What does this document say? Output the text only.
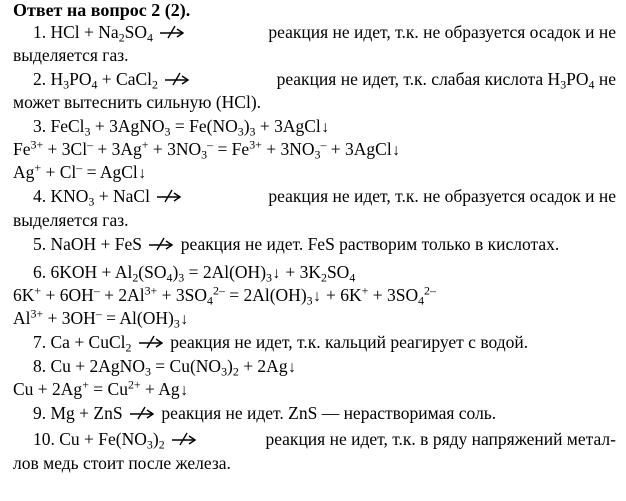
Ответ на вопрос 2 (2).
1. HCl + $Na_2SO_4$	реакция не идет, т.к. не образуется осадок и не
выделяется газ.
2. $H_3PO_4$ + CaCl$_2$	реакция не идет, т.к. слабая кислота $H_3PO_4$ не
может вытеснить сильную (HCl).
3. FeCl$_3$ + 3AgNO$_3$ = $Fe(NO_3)_3$ + 3AgCl↓
$Fe^{3+} + 3Cl^- + 3Ag^+ + 3NO_3^- = Fe^{3+} + 3NO_3^-$ + 3AgCl↓
Ag+ + Cl– = AgCl↓
4. $KNO_3$ + NaCl	реакция не идет, т.к. не образуется осадок и не
выделяется газ.
5. NaOH + FeS реакция не идет. FeS растворим только в кислотах.
6. $6KOH + Al_2(SO_4)_3$ = $2Al(OH)_3↓ + 3K_2SO_4$
$6K^+ + 6OH^- + 2Al^{3+} + 3SO_4^{2-}$ = $2Al(OH)_3↓ + 6K^+ + 3SO_4^{2-}$
$Al^{3+} + 3OH^-$ = $Al(OH)_3↓$
7. Ca + CuCl$_2$ реакция не идет, т.к. кальций реагирует с водой.
8. Cu + 2AgNO$_3$ = $Cu(NO_3)_2$ + 2Ag↓
$Cu + 2Ag^+ = Cu^{2+}$ + Ag↓
9. Mg + ZnS реакция не идет. ZnS — нерастворимая соль.
10. $Cu + Fe(NO_3)_2$	реакция не идет, т.к. в ряду напряжений метал-
лов медь стоит после железа.
